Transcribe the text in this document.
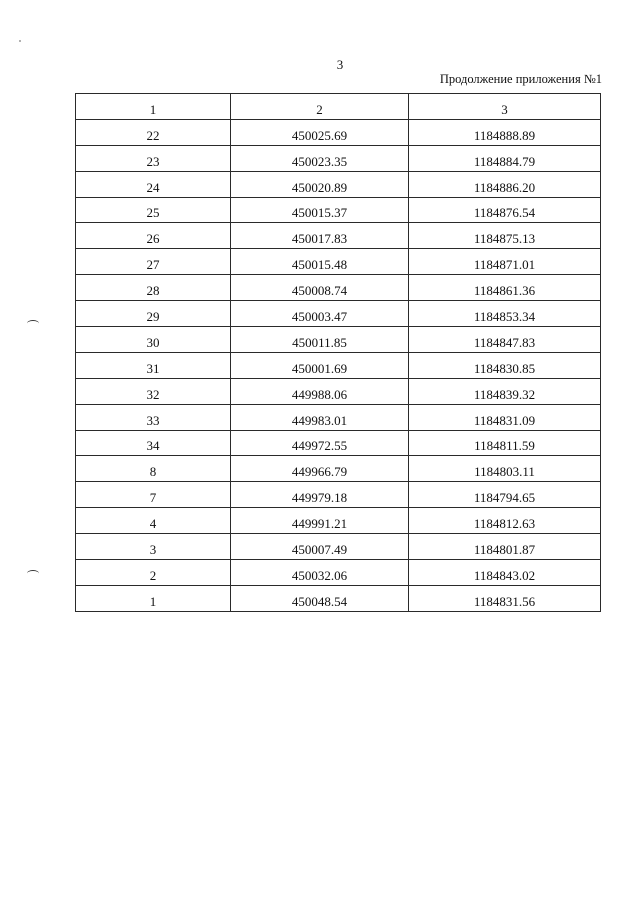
3
Продолжение приложения №1
1	2	3
22	450025.69	1184888.89
23	450023.35	1184884.79
24	450020.89	1184886.20
25	450015.37	1184876.54
26	450017.83	1184875.13
27	450015.48	1184871.01
28	450008.74	1184861.36
29	450003.47	1184853.34
30	450011.85	1184847.83
31	450001.69	1184830.85
32	449988.06	1184839.32
33	449983.01	1184831.09
34	449972.55	1184811.59
8	449966.79	1184803.11
7	449979.18	1184794.65
4	449991.21	1184812.63
3	450007.49	1184801.87
2	450032.06	1184843.02
1	450048.54	1184831.56
